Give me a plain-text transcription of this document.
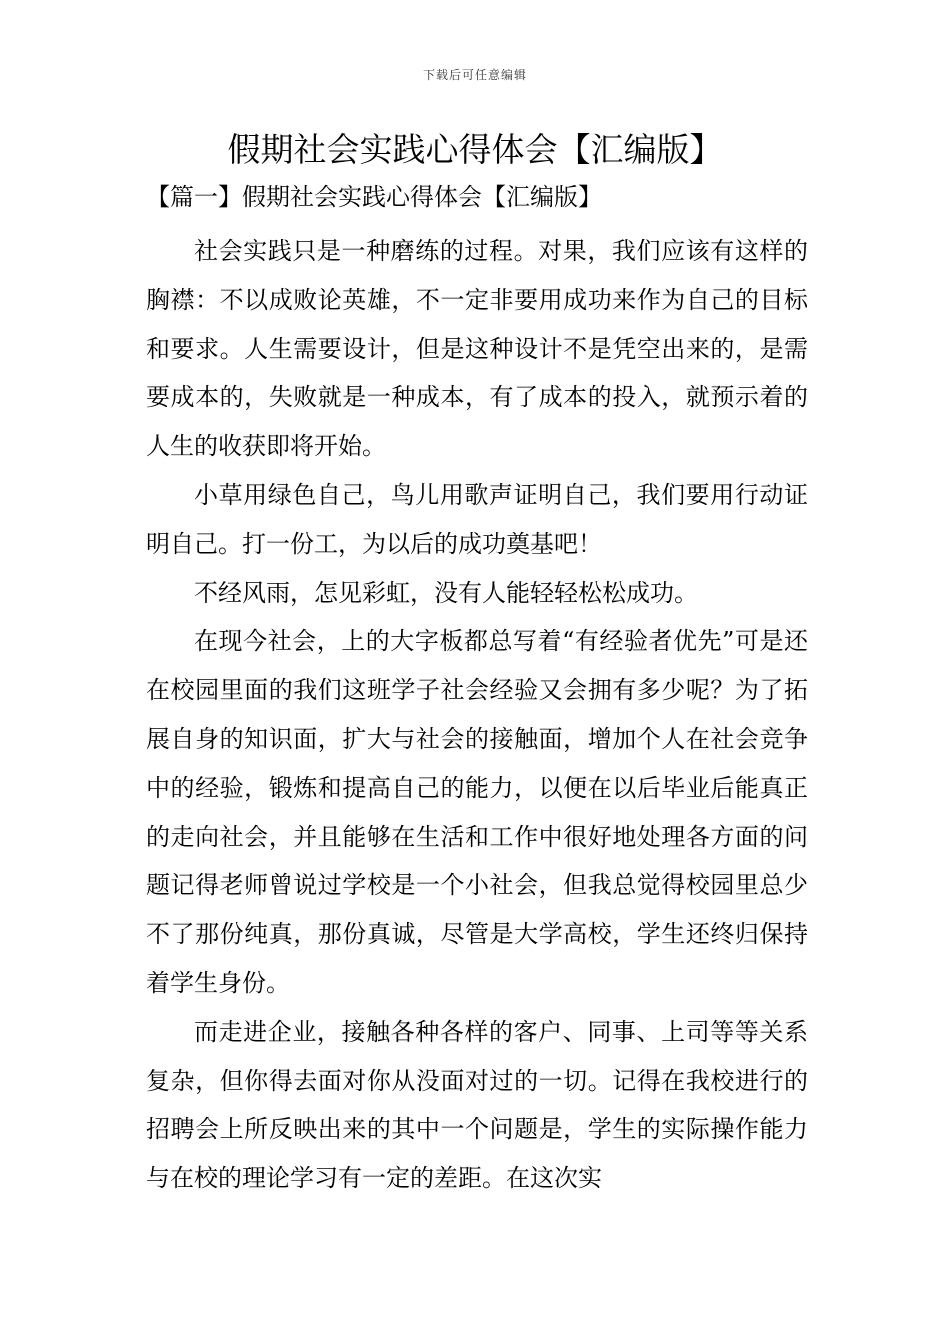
下载后可任意编辑
假期社会实践心得体会【汇编版】
【篇一】假期社会实践心得体会【汇编版】

社会实践只是一种磨练的过程。对果，我们应该有这样的胸襟：不以成败论英雄，不一定非要用成功来作为自己的目标和要求。人生需要设计，但是这种设计不是凭空出来的，是需要成本的，失败就是一种成本，有了成本的投入，就预示着的人生的收获即将开始。

小草用绿色自己，鸟儿用歌声证明自己，我们要用行动证明自己。打一份工，为以后的成功奠基吧！

不经风雨，怎见彩虹，没有人能轻轻松松成功。

在现今社会，上的大字板都总写着“有经验者优先”可是还在校园里面的我们这班学子社会经验又会拥有多少呢？为了拓展自身的知识面，扩大与社会的接触面，增加个人在社会竞争中的经验，锻炼和提高自己的能力，以便在以后毕业后能真正的走向社会，并且能够在生活和工作中很好地处理各方面的问题记得老师曾说过学校是一个小社会，但我总觉得校园里总少不了那份纯真，那份真诚，尽管是大学高校，学生还终归保持着学生身份。

而走进企业，接触各种各样的客户、同事、上司等等关系复杂，但你得去面对你从没面对过的一切。记得在我校进行的招聘会上所反映出来的其中一个问题是，学生的实际操作能力与在校的理论学习有一定的差距。在这次实
